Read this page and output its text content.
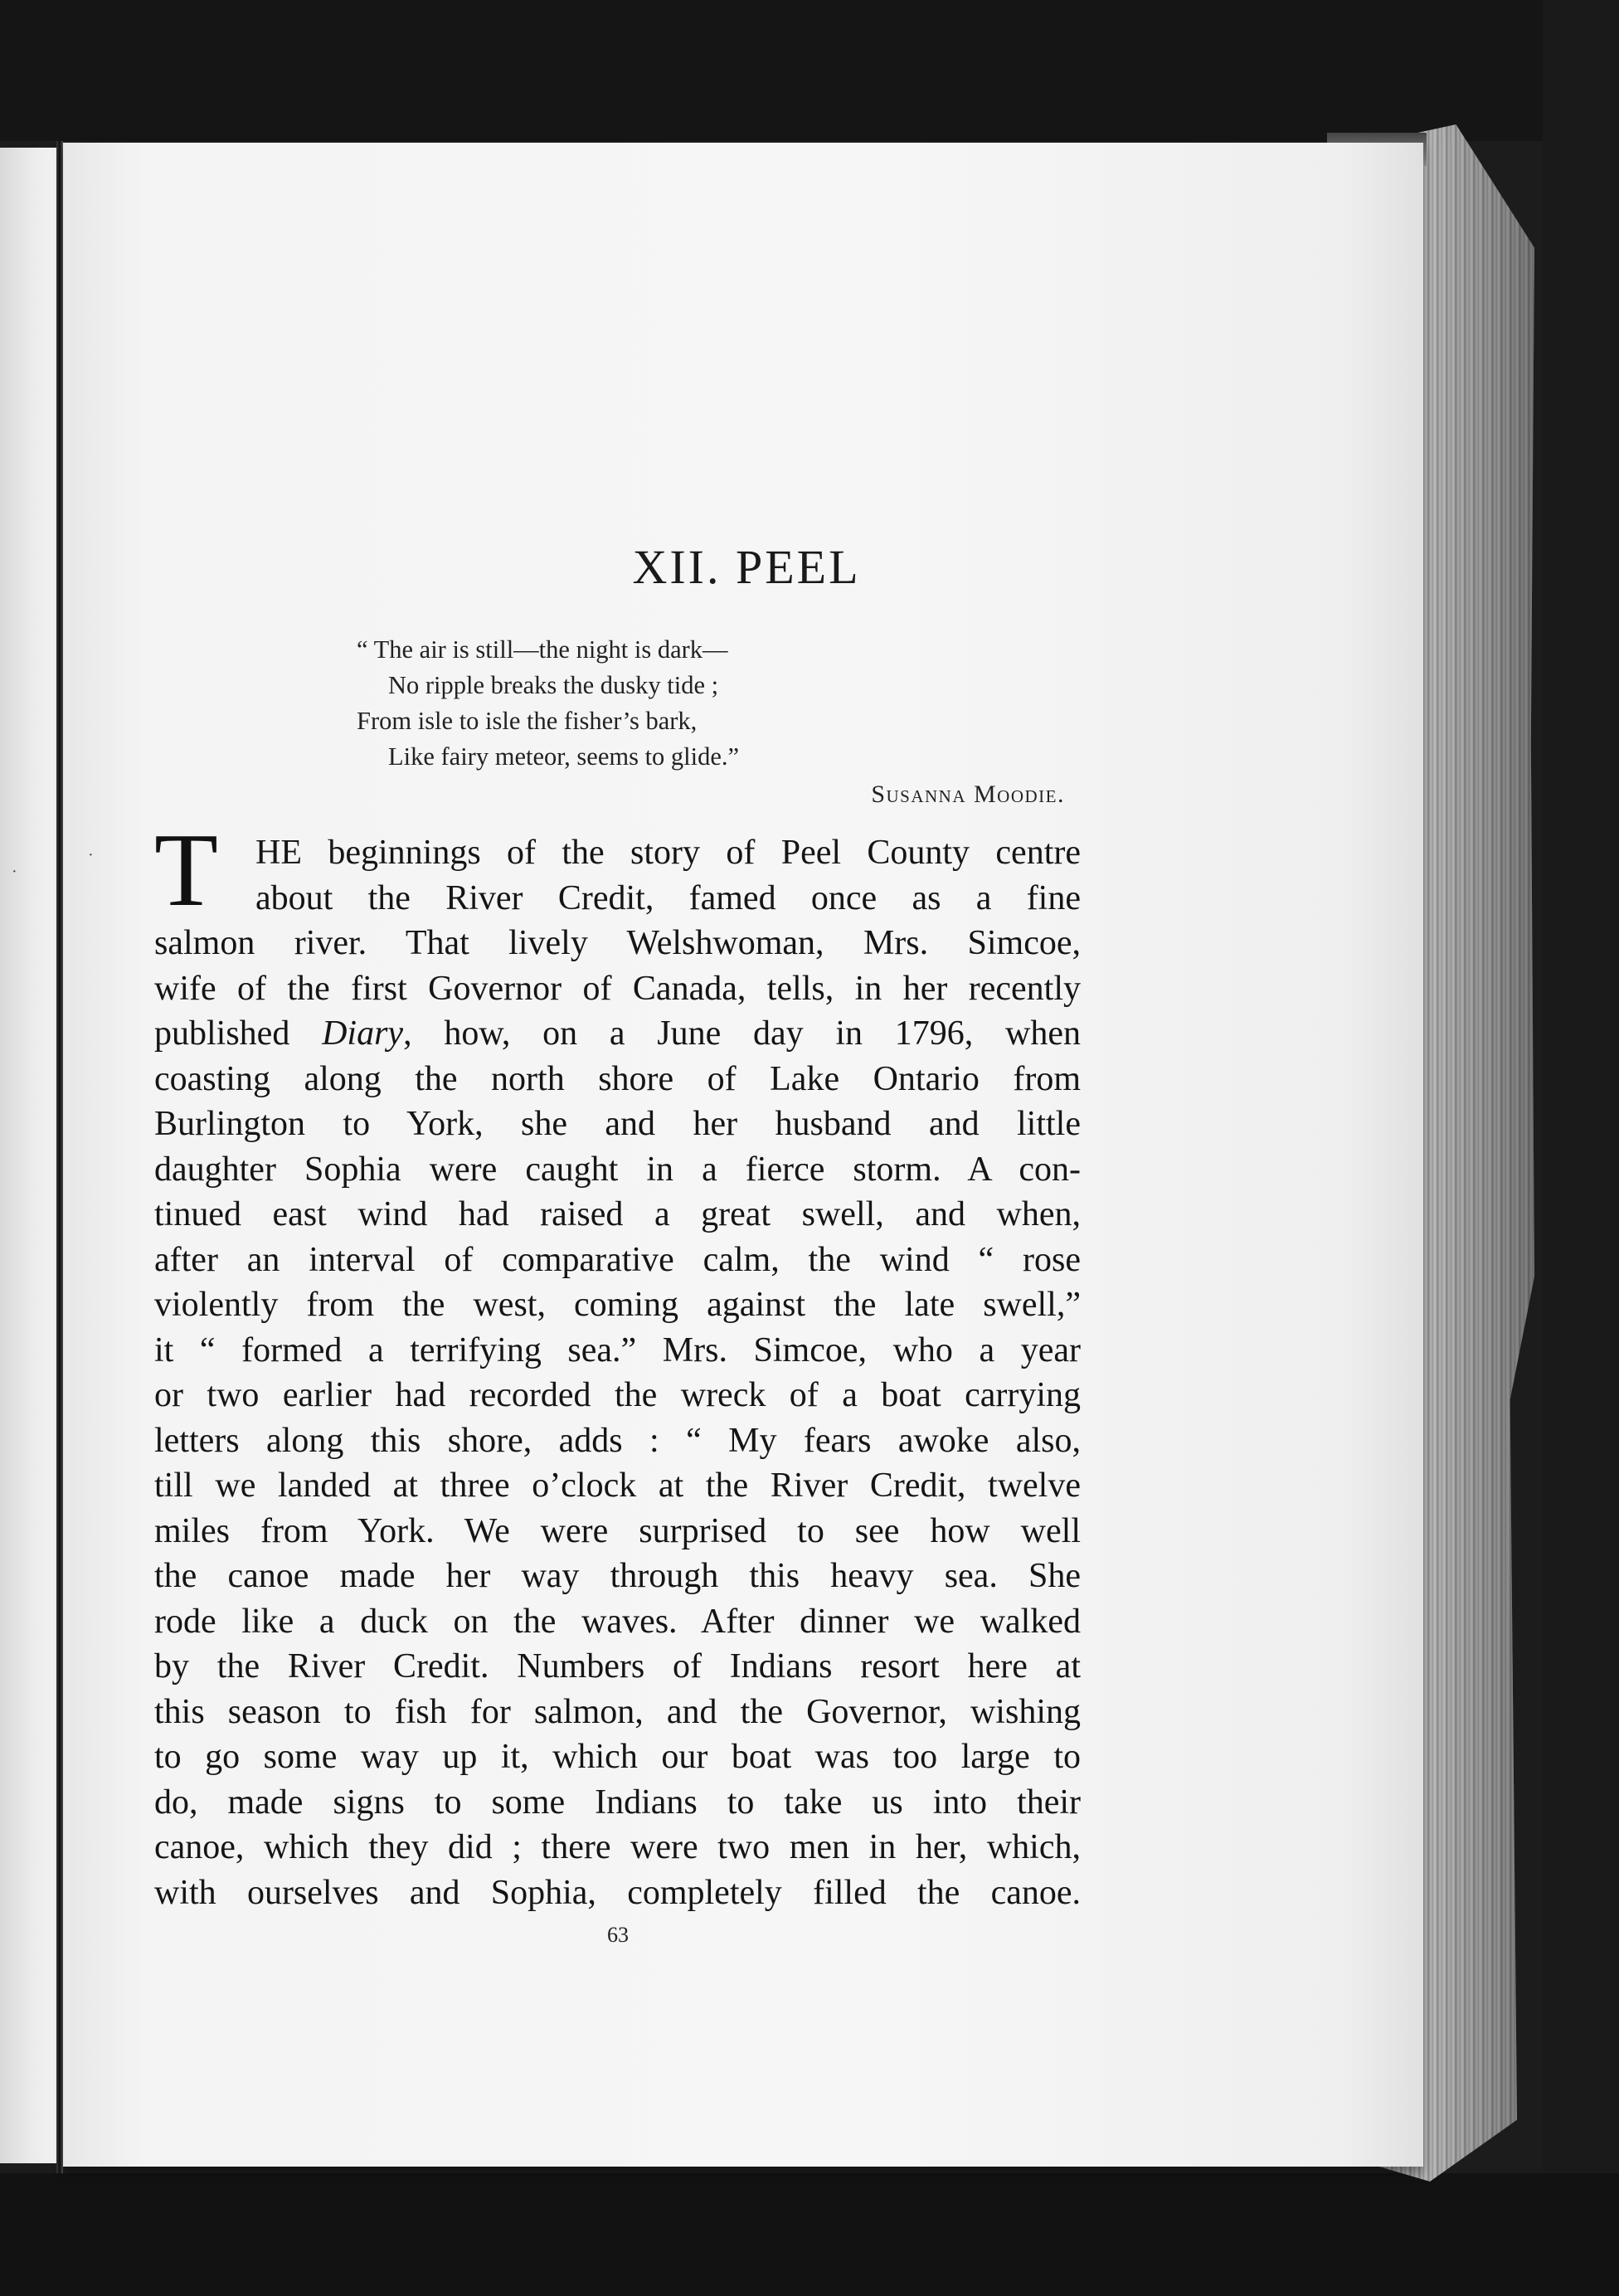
·
·
XII. PEEL
“ The air is still—the night is dark—
No ripple breaks the dusky tide ;
From isle to isle the fisher’s bark,
Like fairy meteor, seems to glide.”
Susanna Moodie.
T	HE beginnings of the story of Peel County centre
about the River Credit, famed once as a fine
salmon river. That lively Welshwoman, Mrs. Simcoe,
wife of the first Governor of Canada, tells, in her recently
published Diary, how, on a June day in 1796, when
coasting along the north shore of Lake Ontario from
Burlington to York, she and her husband and little
daughter Sophia were caught in a fierce storm. A con-
tinued east wind had raised a great swell, and when,
after an interval of comparative calm, the wind “ rose
violently from the west, coming against the late swell,”
it “ formed a terrifying sea.” Mrs. Simcoe, who a year
or two earlier had recorded the wreck of a boat carrying
letters along this shore, adds : “ My fears awoke also,
till we landed at three o’clock at the River Credit, twelve
miles from York. We were surprised to see how well
the canoe made her way through this heavy sea. She
rode like a duck on the waves. After dinner we walked
by the River Credit. Numbers of Indians resort here at
this season to fish for salmon, and the Governor, wishing
to go some way up it, which our boat was too large to
do, made signs to some Indians to take us into their
canoe, which they did ; there were two men in her, which,
with ourselves and Sophia, completely filled the canoe.
63
